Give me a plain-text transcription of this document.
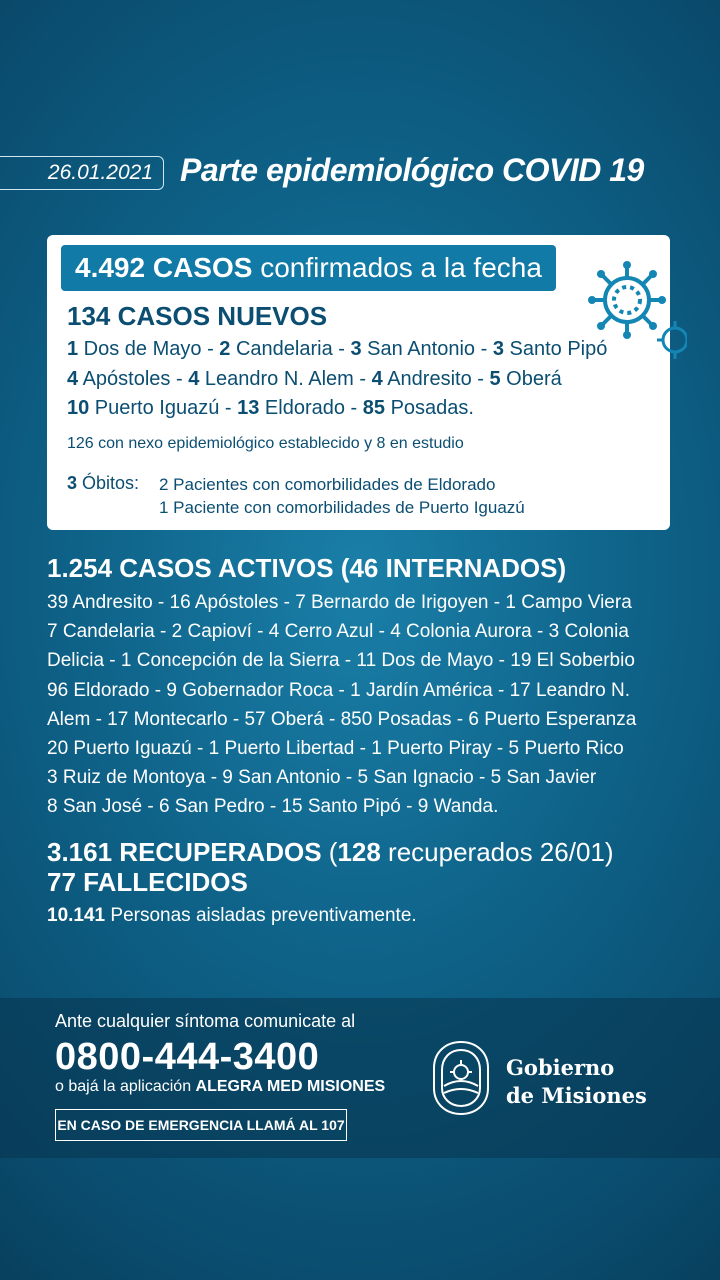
26.01.2021 Parte epidemiológico COVID 19
4.492 CASOS confirmados a la fecha
134 CASOS NUEVOS
1 Dos de Mayo - 2 Candelaria - 3 San Antonio - 3 Santo Pipó
4 Apóstoles - 4 Leandro N. Alem - 4 Andresito - 5 Oberá
10 Puerto Iguazú - 13 Eldorado - 85 Posadas.
126 con nexo epidemiológico establecido y 8 en estudio
3 Óbitos: 2 Pacientes con comorbilidades de Eldorado
1 Paciente con comorbilidades de Puerto Iguazú
1.254 CASOS ACTIVOS (46 INTERNADOS)
39 Andresito - 16 Apóstoles - 7 Bernardo de Irigoyen - 1 Campo Viera
7 Candelaria - 2 Capioví - 4 Cerro Azul - 4 Colonia Aurora - 3 Colonia
Delicia - 1 Concepción de la Sierra - 11 Dos de Mayo - 19 El Soberbio
96 Eldorado - 9 Gobernador Roca - 1 Jardín América - 17 Leandro N.
Alem - 17 Montecarlo - 57 Oberá - 850 Posadas - 6 Puerto Esperanza
20 Puerto Iguazú - 1 Puerto Libertad - 1 Puerto Piray - 5 Puerto Rico
3 Ruiz de Montoya - 9 San Antonio - 5 San Ignacio - 5 San Javier
8 San José - 6 San Pedro - 15 Santo Pipó - 9 Wanda.
3.161 RECUPERADOS (128 recuperados 26/01)
77 FALLECIDOS
10.141 Personas aisladas preventivamente.
Ante cualquier síntoma comunicate al
0800-444-3400
o bajá la aplicación ALEGRA MED MISIONES
EN CASO DE EMERGENCIA LLAMÁ AL 107
Gobierno
de Misiones
